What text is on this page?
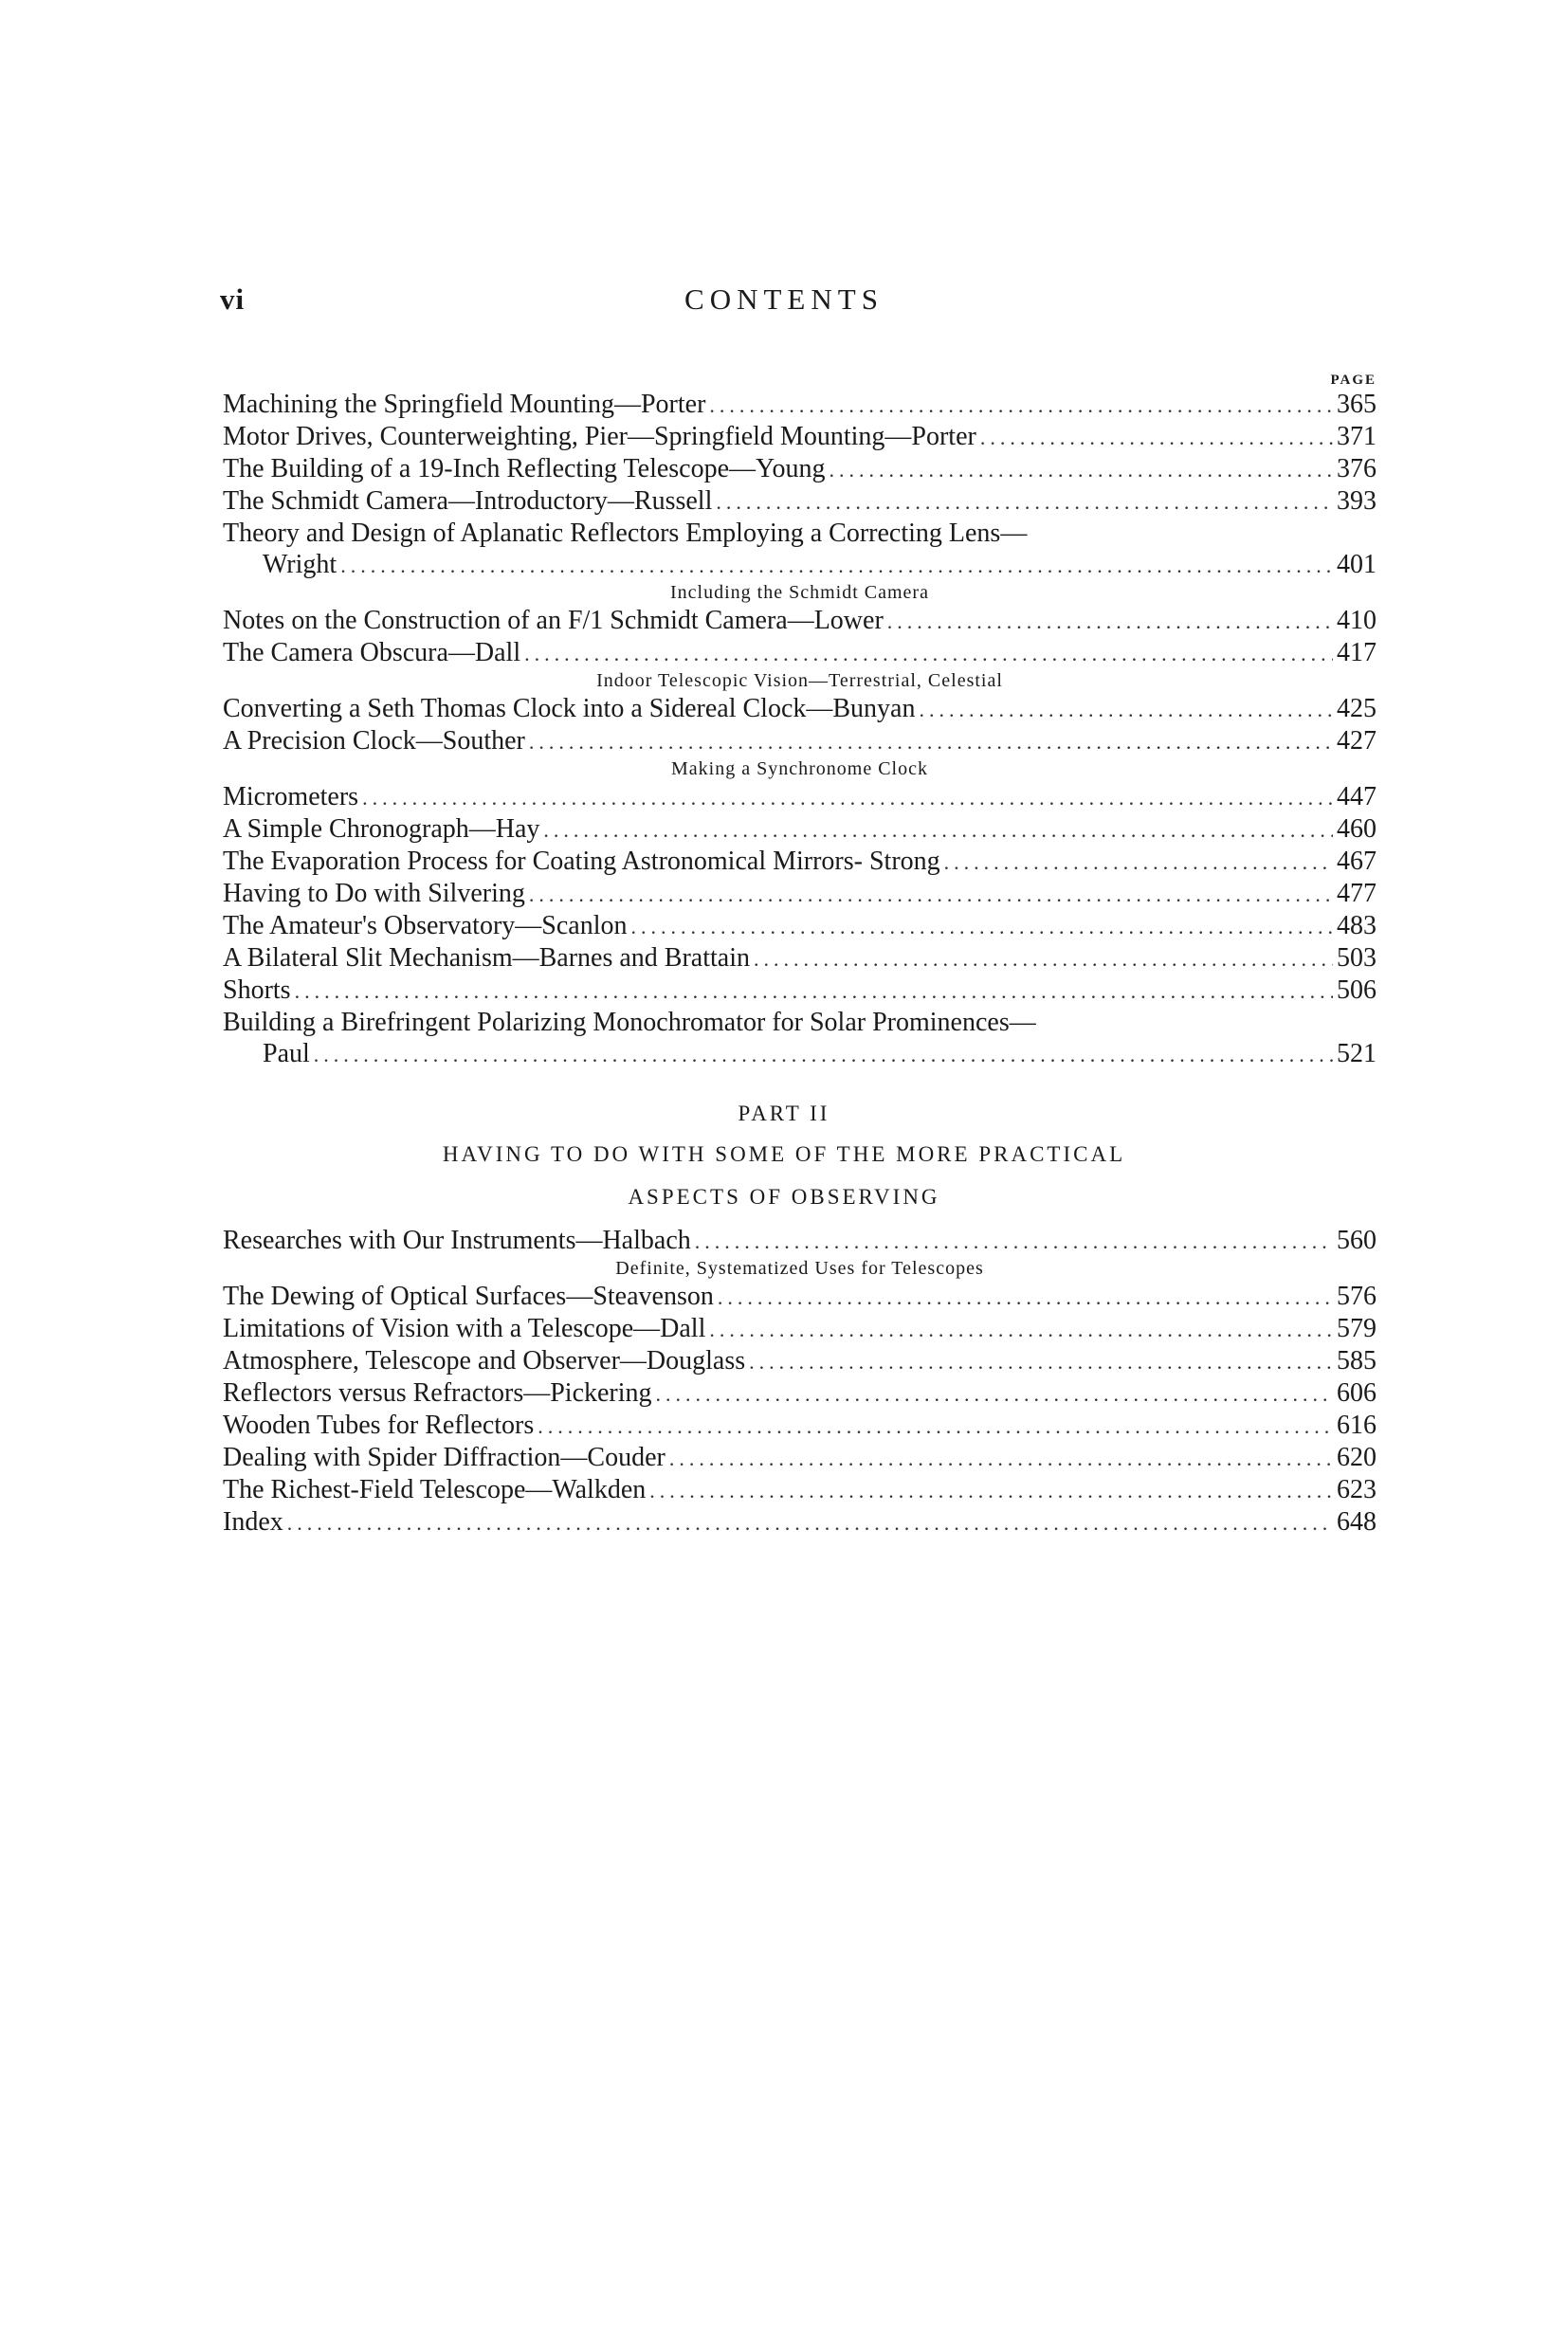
vi	CONTENTS
PAGE
Machining the Springfield Mounting—Porter .....	365
Motor Drives, Counterweighting, Pier—Springfield Mounting—Porter .....	371
The Building of a 19-Inch Reflecting Telescope—Young .....	376
The Schmidt Camera—Introductory—Russell .....	393
Theory and Design of Aplanatic Reflectors Employing a Correcting Lens—
Wright .....	401
Including the Schmidt Camera
Notes on the Construction of an F/1 Schmidt Camera—Lower .....	410
The Camera Obscura—Dall .....	417
Indoor Telescopic Vision—Terrestrial, Celestial
Converting a Seth Thomas Clock into a Sidereal Clock—Bunyan .....	425
A Precision Clock—Souther .....	427
Making a Synchronome Clock
Micrometers .....	447
A Simple Chronograph—Hay .....	460
The Evaporation Process for Coating Astronomical Mirrors- Strong .....	467
Having to Do with Silvering .....	477
The Amateur's Observatory—Scanlon .....	483
A Bilateral Slit Mechanism—Barnes and Brattain .....	503
Shorts .....	506
Building a Birefringent Polarizing Monochromator for Solar Prominences—
Paul .....	521
PART II
HAVING TO DO WITH SOME OF THE MORE PRACTICAL
ASPECTS OF OBSERVING
Researches with Our Instruments—Halbach .....	560
Definite, Systematized Uses for Telescopes
The Dewing of Optical Surfaces—Steavenson .....	576
Limitations of Vision with a Telescope—Dall .....	579
Atmosphere, Telescope and Observer—Douglass .....	585
Reflectors versus Refractors—Pickering .....	606
Wooden Tubes for Reflectors .....	616
Dealing with Spider Diffraction—Couder .....	620
The Richest-Field Telescope—Walkden .....	623
Index .....	648
